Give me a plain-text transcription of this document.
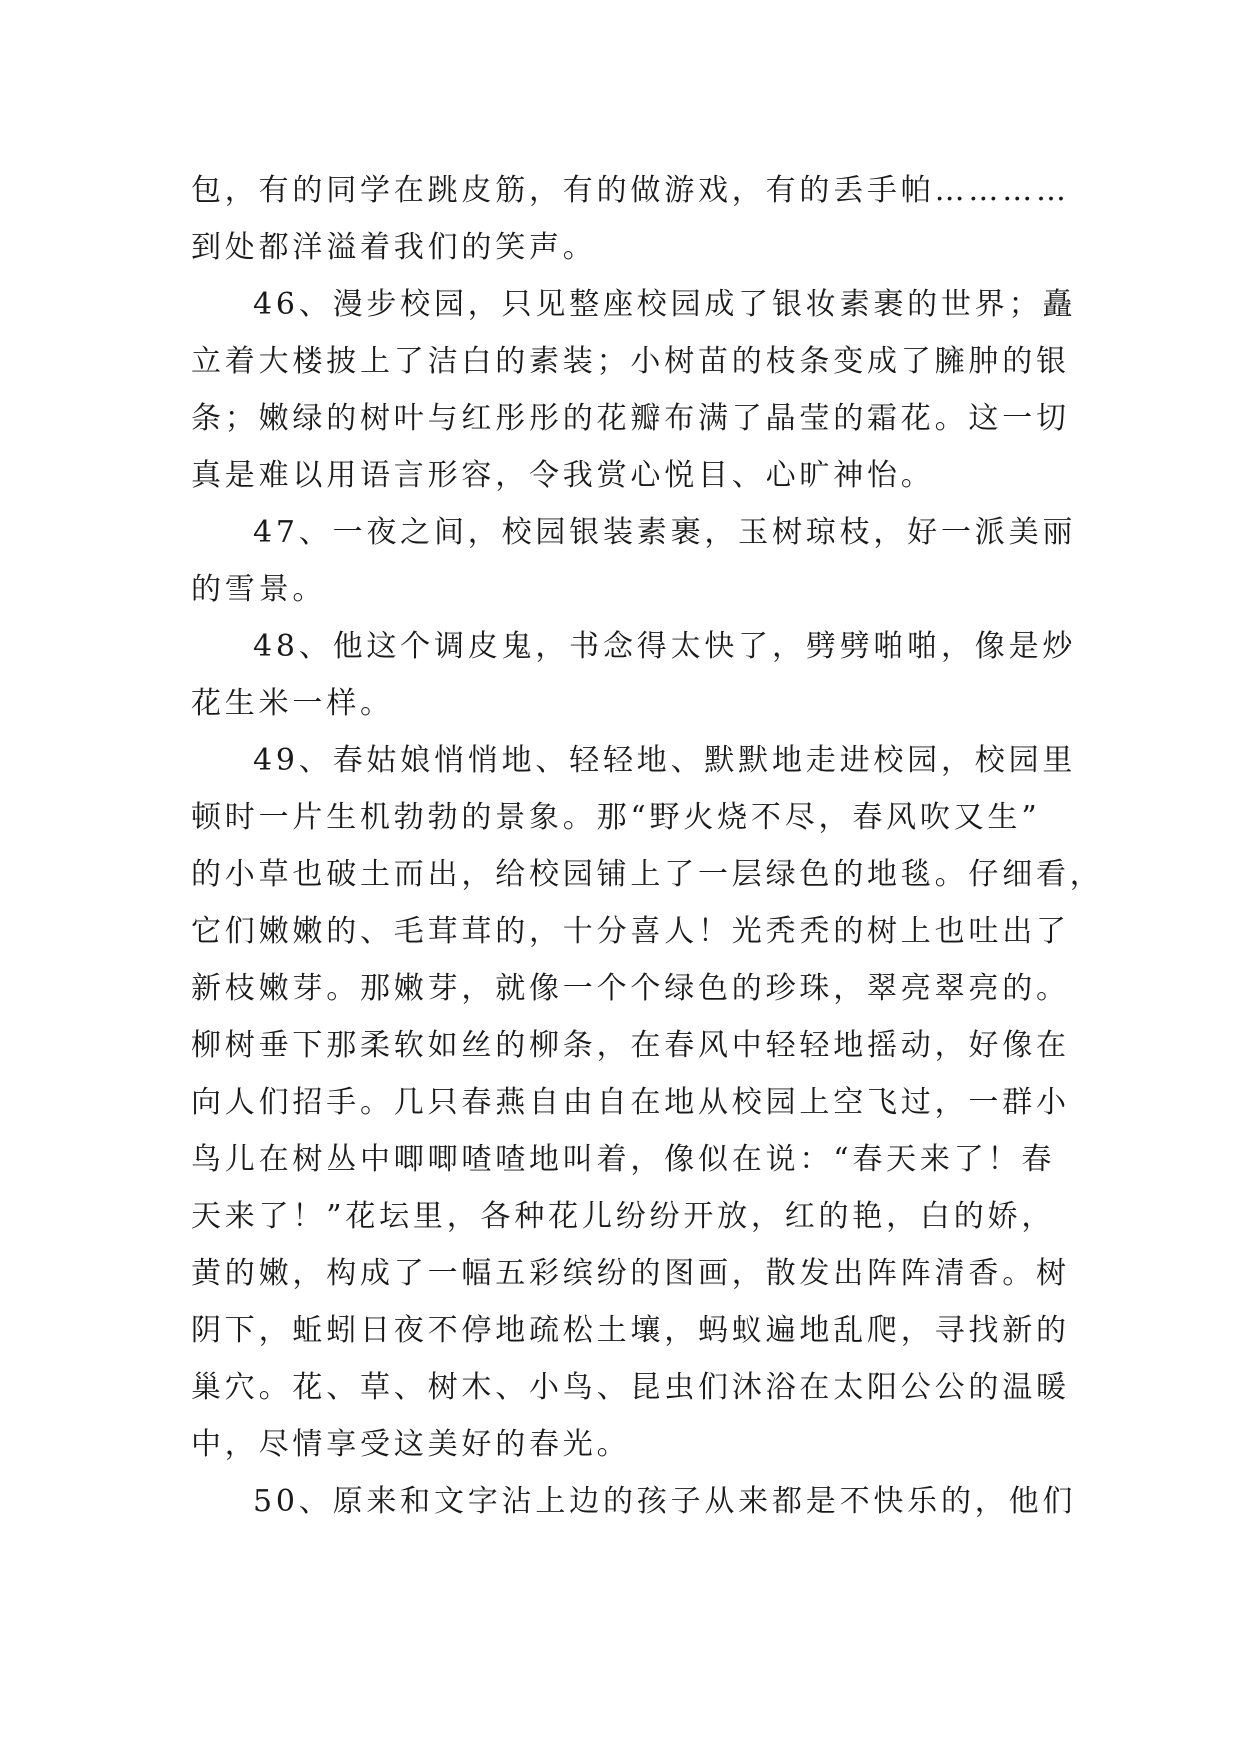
包，有的同学在跳皮筋，有的做游戏，有的丢手帕…………
到处都洋溢着我们的笑声。
46、漫步校园，只见整座校园成了银妆素裹的世界；矗
立着大楼披上了洁白的素装；小树苗的枝条变成了臃肿的银
条；嫩绿的树叶与红彤彤的花瓣布满了晶莹的霜花。这一切
真是难以用语言形容，令我赏心悦目、心旷神怡。
47、一夜之间，校园银装素裹，玉树琼枝，好一派美丽
的雪景。
48、他这个调皮鬼，书念得太快了，劈劈啪啪，像是炒
花生米一样。
49、春姑娘悄悄地、轻轻地、默默地走进校园，校园里
顿时一片生机勃勃的景象。那“野火烧不尽，春风吹又生”
的小草也破土而出，给校园铺上了一层绿色的地毯。仔细看，
它们嫩嫩的、毛茸茸的，十分喜人！光秃秃的树上也吐出了
新枝嫩芽。那嫩芽，就像一个个绿色的珍珠，翠亮翠亮的。
柳树垂下那柔软如丝的柳条，在春风中轻轻地摇动，好像在
向人们招手。几只春燕自由自在地从校园上空飞过，一群小
鸟儿在树丛中唧唧喳喳地叫着，像似在说：“春天来了！春
天来了！”花坛里，各种花儿纷纷开放，红的艳，白的娇，
黄的嫩，构成了一幅五彩缤纷的图画，散发出阵阵清香。树
阴下，蚯蚓日夜不停地疏松土壤，蚂蚁遍地乱爬，寻找新的
巢穴。花、草、树木、小鸟、昆虫们沐浴在太阳公公的温暖
中，尽情享受这美好的春光。
50、原来和文字沾上边的孩子从来都是不快乐的，他们
